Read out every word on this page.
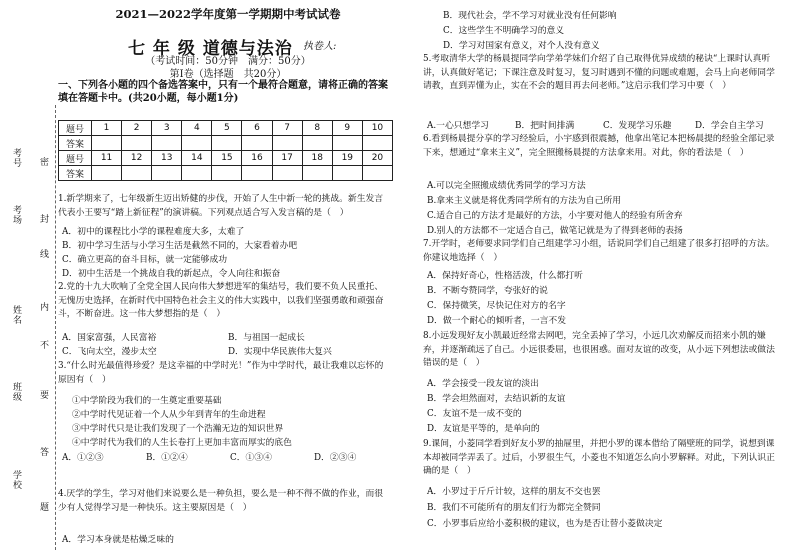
考号
考场
姓名
班级
学校
密
封
线
内
不
要
答
题
2021—2022学年度第一学期期中考试试卷
七 年 级 道德与法治 执卷人:
（考试时间：50分钟　满分：50分）
第Ⅰ卷（选择题　共20分）
一、下列各小题的四个备选答案中，只有一个最符合题意，请将正确的答案填在答题卡中。(共20小题，每小题1分)
题号	1	2	3	4	5	6	7	8	9	10
答案										
题号	11	12	13	14	15	16	17	18	19	20
答案										
1.新学期来了，七年级新生迈出矫健的步伐，开始了人生中新一轮的挑战。新生发言代表小王要写“踏上新征程”的演讲稿。下列观点适合写入发言稿的是（　）
A．初中的课程比小学的课程难度大多，太难了
B．初中学习生活与小学习生活是截然不同的，大家看着办吧
C．确立更高的奋斗目标，就一定能够成功
D．初中生活是一个挑战自我的新起点，令人向往和振奋
2.党的十九大吹响了全党全国人民向伟大梦想进军的集结号，我们要不负人民重托、无愧历史选择，在新时代中国特色社会主义的伟大实践中，以我们坚强勇敢和顽强奋斗，不断奋进。这一伟大梦想指的是（　）
A．国家富强，人民富裕	B．与祖国一起成长
C．飞向太空，漫步太空	D．实现中华民族伟大复兴
3.“什么时光最值得珍爱？是这幸福的中学时光！”作为中学时代，最让我难以忘怀的原因有（　）
①中学阶段为我们的一生奠定重要基础
②中学时代见证着一个人从少年到青年的生命进程
③中学时代只是让我们发现了一个浩瀚无边的知识世界
④中学时代为我们的人生长卷打上更加丰富而厚实的底色
A．①②③	B．①②④	C．①③④	D．②③④
4.厌学的学生，学习对他们来说要么是一种负担，要么是一种不得不做的作业，而很少有人觉得学习是一种快乐。这主要原因是（　）
A．学习本身就是枯燥乏味的
B．现代社会，学不学习对就业没有任何影响
C．这些学生不明确学习的意义
D．学习对国家有意义，对个人没有意义
5.考取清华大学的杨晨提同学向学弟学妹们介绍了自己取得优异成绩的秘诀“上课时认真听讲，认真做好笔记；下课注意及时复习，复习时遇到不懂的问题或难题，会马上向老师同学请教，直到弄懂为止，实在不会的题目再去问老师。”这启示我们学习中要（　）
A.一心只想学习	B．把时间排满	C．发现学习乐趣	D．学会自主学习
6.看到杨晨提分享的学习经验后，小宇感到很震撼，他拿出笔记本把杨晨提的经验全部记录下来，想通过“拿来主义”，完全照搬杨晨提的方法拿来用。对此，你的看法是（　）
A.可以完全照搬成绩优秀同学的学习方法
B.拿来主义就是将优秀同学所有的方法为自己所用
C.适合自己的方法才是最好的方法，小宇要对他人的经验有所舍弃
D.别人的方法都不一定适合自己，做笔记就是为了得到老师的表扬
7.开学时，老师要求同学们自己组建学习小组，话说同学们自己组建了很多打招呼的方法。你建议地选择（　）
A．保持好奇心，性格活泼，什么都打听
B．不断夸赞同学，夸张好的说
C．保持微笑，尽快记住对方的名字
D．做一个耐心的倾听者，一言不发
8.小远发现好友小凯最近经常去网吧，完全丢掉了学习，小远几次劝解反而招来小凯的嫌弃，并逐渐疏远了自己。小远很委屈，也很困惑。面对友谊的改变，从小远下列想法或做法错误的是（　）
A．学会接受一段友谊的淡出
B．学会坦然面对，去结识新的友谊
C．友谊不是一成不变的
D．友谊是平等的，是单向的
9.课间，小菱同学看到好友小罗的抽屉里，并把小罗的课本借给了隔壁班的同学，说想到课本却被同学弄丢了。过后，小罗很生气，小菱也不知道怎么向小罗解释。对此，下列认识正确的是（　）
A．小罗过于斤斤计较，这样的朋友不交也罢
B．我们不可能所有的朋友们行为都完全赞同
C．小罗事后应给小菱积极的建议，也为是否让替小菱做决定
